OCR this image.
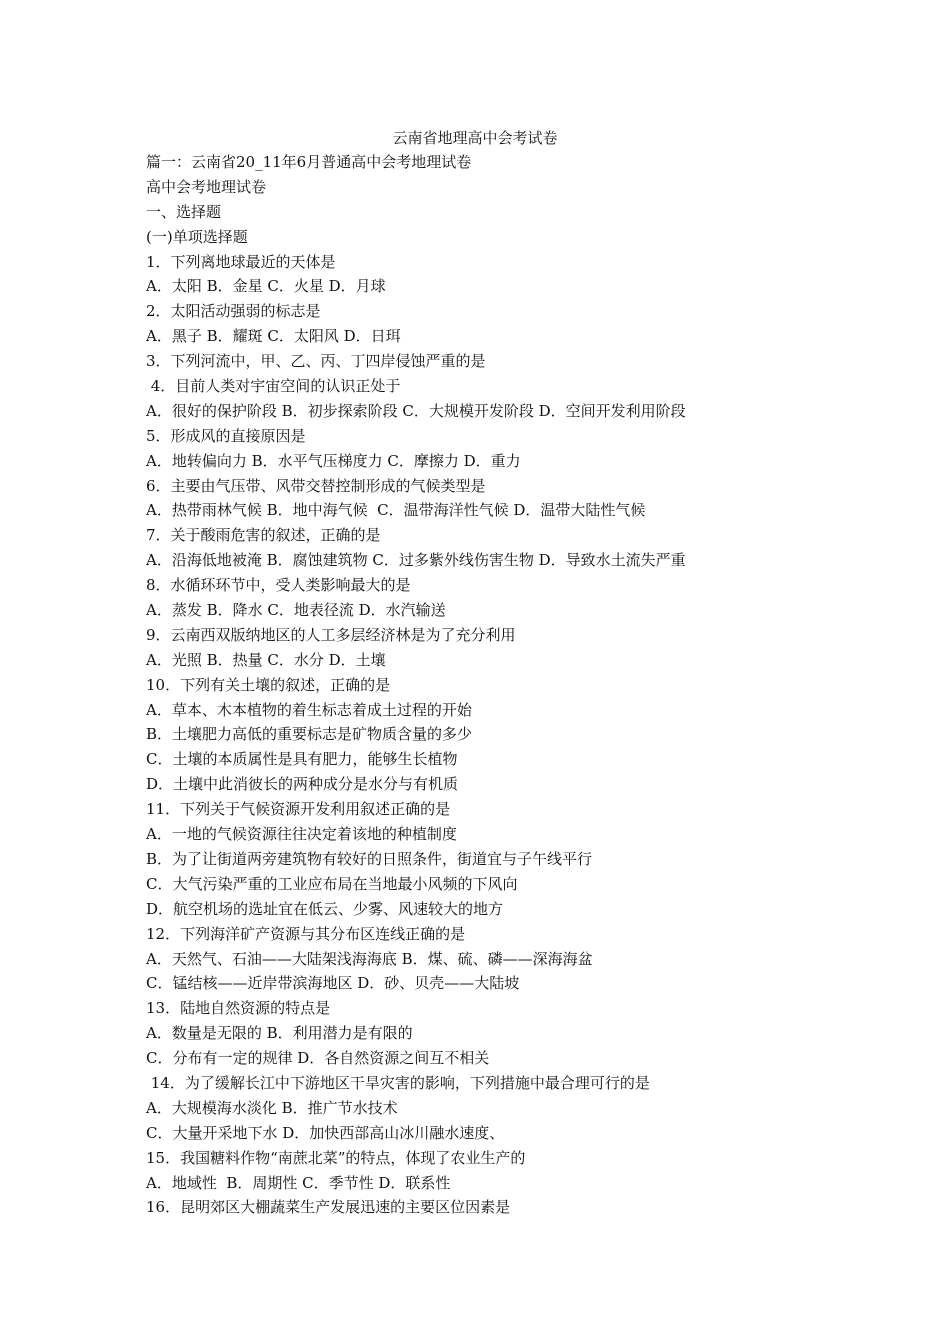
云南省地理高中会考试卷
篇一：云南省20_11年6月普通高中会考地理试卷
高中会考地理试卷
一、选择题
(一)单项选择题
1．下列离地球最近的天体是
A．太阳 B．金星 C．火星 D．月球
2．太阳活动强弱的标志是
A．黑子 B．耀斑 C．太阳风 D．日珥
3．下列河流中，甲、乙、丙、丁四岸侵蚀严重的是
4．目前人类对宇宙空间的认识正处于
A．很好的保护阶段 B．初步探索阶段 C．大规模开发阶段 D．空间开发利用阶段
5．形成风的直接原因是
A．地转偏向力 B．水平气压梯度力 C．摩擦力 D．重力
6．主要由气压带、风带交替控制形成的气候类型是
A．热带雨林气候 B．地中海气候  C．温带海洋性气候 D．温带大陆性气候
7．关于酸雨危害的叙述，正确的是
A．沿海低地被淹 B．腐蚀建筑物 C．过多紫外线伤害生物 D．导致水土流失严重
8．水循环环节中，受人类影响最大的是
A．蒸发 B．降水 C．地表径流 D．水汽输送
9．云南西双版纳地区的人工多层经济林是为了充分利用
A．光照 B．热量 C．水分 D．土壤
10．下列有关土壤的叙述，正确的是
A．草本、木本植物的着生标志着成土过程的开始
B．土壤肥力高低的重要标志是矿物质含量的多少
C．土壤的本质属性是具有肥力，能够生长植物
D．土壤中此消彼长的两种成分是水分与有机质
11．下列关于气候资源开发利用叙述正确的是
A．一地的气候资源往往决定着该地的种植制度
B．为了让街道两旁建筑物有较好的日照条件，街道宜与子午线平行
C．大气污染严重的工业应布局在当地最小风频的下风向
D．航空机场的选址宜在低云、少雾、风速较大的地方
12．下列海洋矿产资源与其分布区连线正确的是
A．天然气、石油——大陆架浅海海底 B．煤、硫、磷——深海海盆
C．锰结核——近岸带滨海地区 D．砂、贝壳——大陆坡
13．陆地自然资源的特点是
A．数量是无限的 B．利用潜力是有限的
C．分布有一定的规律 D．各自然资源之间互不相关
14．为了缓解长江中下游地区干旱灾害的影响，下列措施中最合理可行的是
A．大规模海水淡化 B．推广节水技术
C．大量开采地下水 D．加快西部高山冰川融水速度、
15．我国糖料作物“南蔗北菜”的特点，体现了农业生产的
A．地域性  B．周期性 C．季节性 D．联系性
16．昆明郊区大棚蔬菜生产发展迅速的主要区位因素是
